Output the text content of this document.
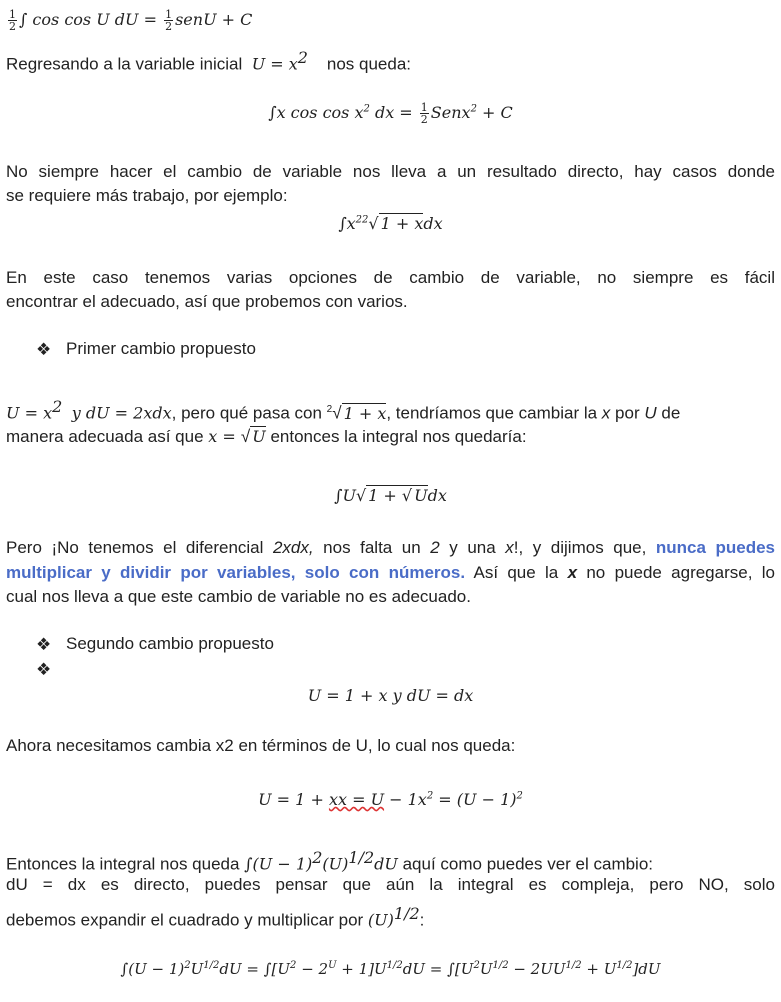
$\frac{1}{2}$ ∫ cos cos U dU = $\frac{1}{2}$ senU + C
Regresando a la variable inicial $U = x^2$ nos queda:
∫x $\cos \cos x^2$ dx = $\frac{1}{2}$ Senx$^2$ + C
No siempre hacer el cambio de variable nos lleva a un resultado directo, hay casos donde
se requiere más trabajo, por ejemplo:
$\int x^{22}√$ 1 + xdx
En este caso tenemos varias opciones de cambio de variable, no siempre es fácil
encontrar el adecuado, así que probemos con varios.
❖ Primer cambio propuesto
$U = x^2$ y dU = 2xdx, pero qué pasa con $^2$√ 1 + x, tendríamos que cambiar la x por U de
manera adecuada así que x = √ U entonces la integral nos quedaría:
∫U√ 1 + √ Udx
Pero ¡No tenemos el diferencial 2xdx, nos falta un 2 y una x!, y dijimos que, nunca puedes
multiplicar y dividir por variables, solo con números. Así que la x no puede agregarse, lo
cual nos lleva a que este cambio de variable no es adecuado.
❖ Segundo cambio propuesto
❖
U = 1 + x y dU = dx
Ahora necesitamos cambia x2 en términos de U, lo cual nos queda:
U = 1 + xx = $U - 1x^2 = (U - 1)^2$
Entonces la integral nos queda $\int(U - 1)^2(U)^{1/2}dU$ aquí como puedes ver el cambio:
dU = dx es directo, puedes pensar que aún la integral es compleja, pero NO, solo
debemos expandir el cuadrado y multiplicar por $(U)^{1/2}$:
$\int(U - 1)^2U^{1/2}dU = \int[U^2 - 2^U + 1]U^{1/2}dU = \int[U^2U^{1/2} - 2UU^{1/2} + U^{1/2}]dU$
